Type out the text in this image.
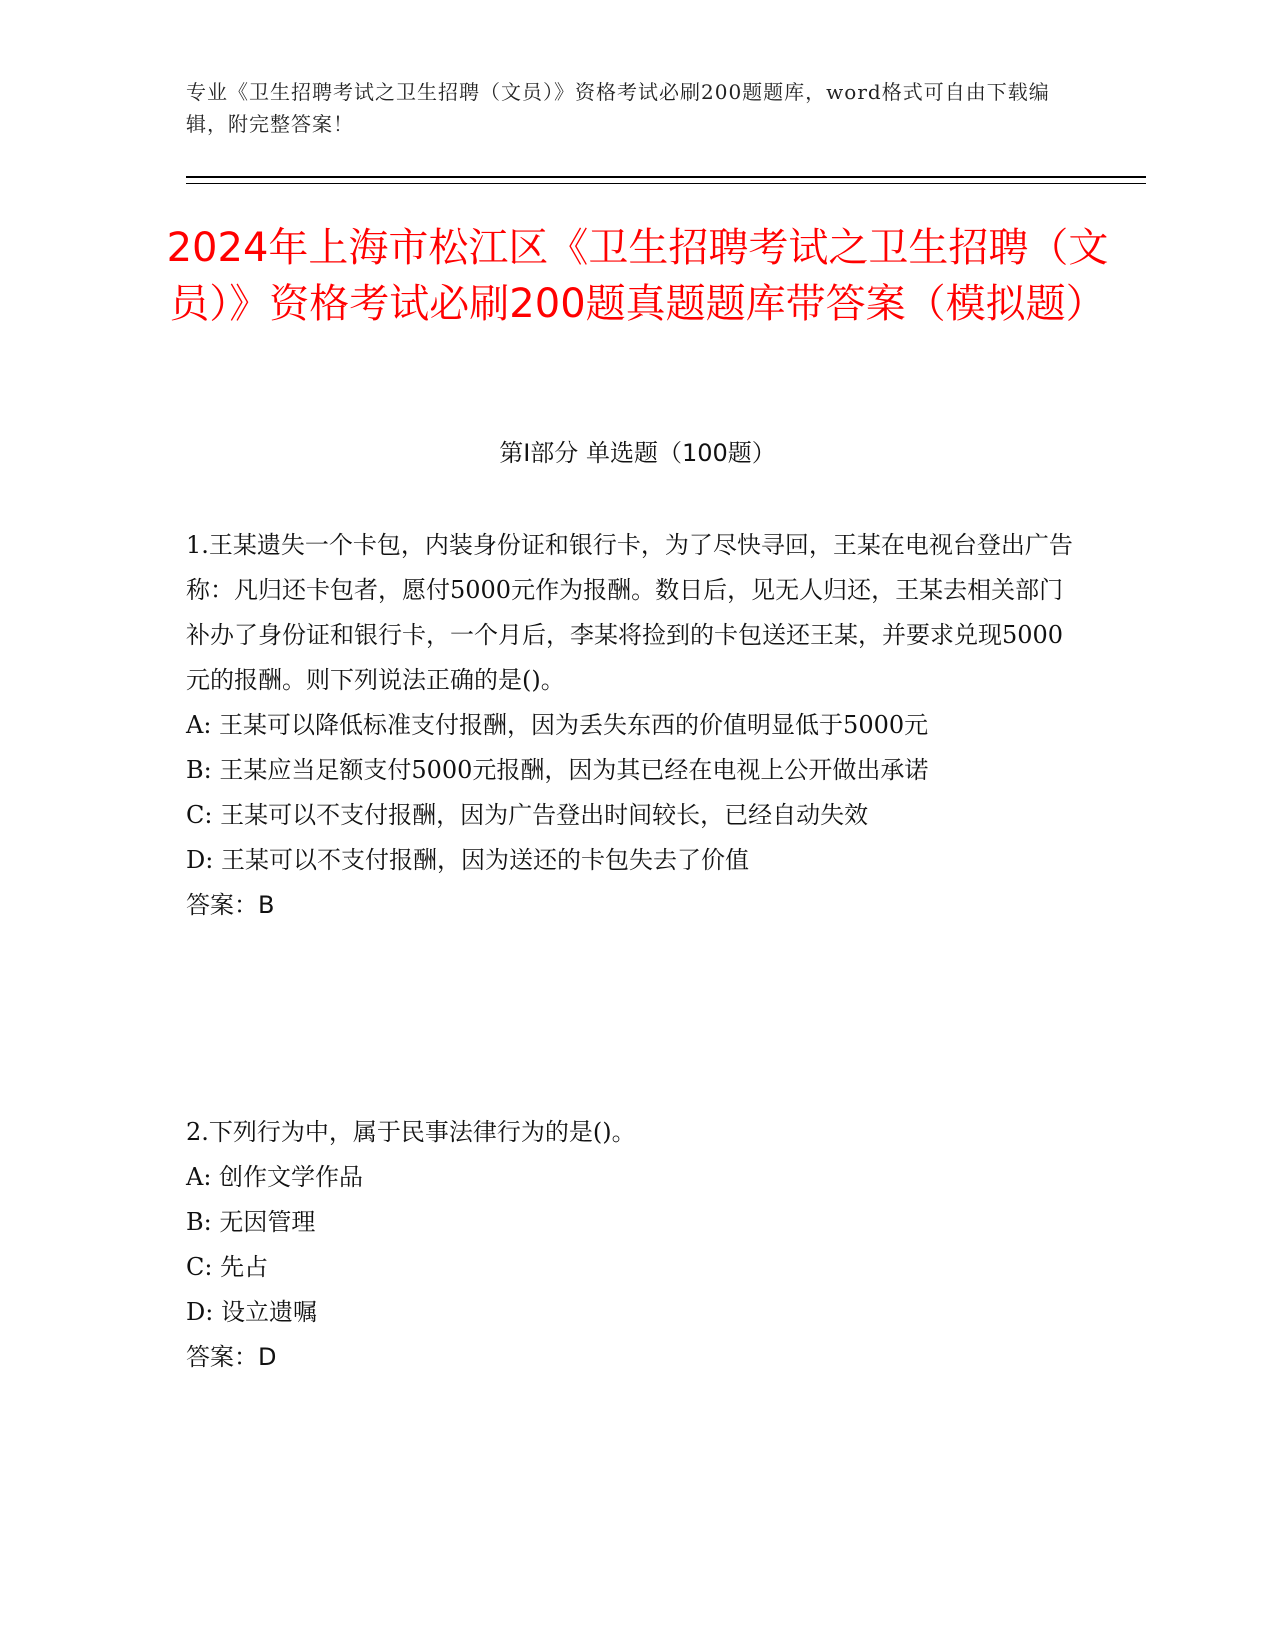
专业《卫生招聘考试之卫生招聘（文员）》资格考试必刷200题题库，word格式可自由下载编辑，附完整答案！
2024年上海市松江区《卫生招聘考试之卫生招聘（文员）》资格考试必刷200题真题题库带答案（模拟题）
第I部分 单选题（100题）

1.王某遗失一个卡包，内装身份证和银行卡，为了尽快寻回，王某在电视台登出广告称：凡归还卡包者，愿付5000元作为报酬。数日后，见无人归还，王某去相关部门补办了身份证和银行卡，一个月后，李某将捡到的卡包送还王某，并要求兑现5000元的报酬。则下列说法正确的是()。

A: 王某可以降低标准支付报酬，因为丢失东西的价值明显低于5000元

B: 王某应当足额支付5000元报酬，因为其已经在电视上公开做出承诺

C: 王某可以不支付报酬，因为广告登出时间较长，已经自动失效

D: 王某可以不支付报酬，因为送还的卡包失去了价值

答案：B

2.下列行为中，属于民事法律行为的是()。

A: 创作文学作品

B: 无因管理

C: 先占

D: 设立遗嘱

答案：D
